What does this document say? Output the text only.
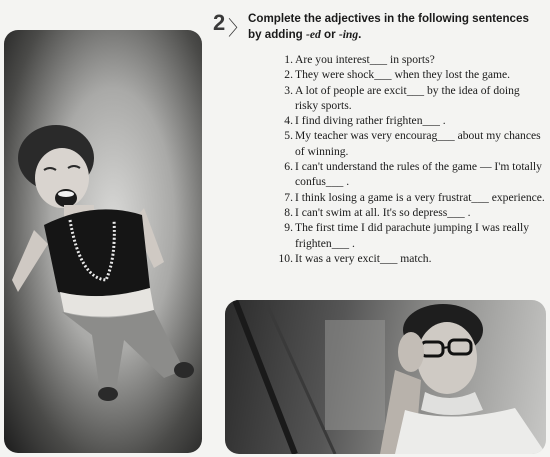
2 〉 Complete the adjectives in the following sentences
by adding -ed or -ing.
1. Are you interest___ in sports?
2. They were shock___ when they lost the game.
3. A lot of people are excit___ by the idea of doing risky sports.
4. I find diving rather frighten___ .
5. My teacher was very encourag___ about my chances of winning.
6. I can't understand the rules of the game — I'm totally confus___ .
7. I think losing a game is a very frustrat___ experience.
8. I can't swim at all. It's so depress___ .
9. The first time I did parachute jumping I was really frighten___ .
10. It was a very excit___ match.
